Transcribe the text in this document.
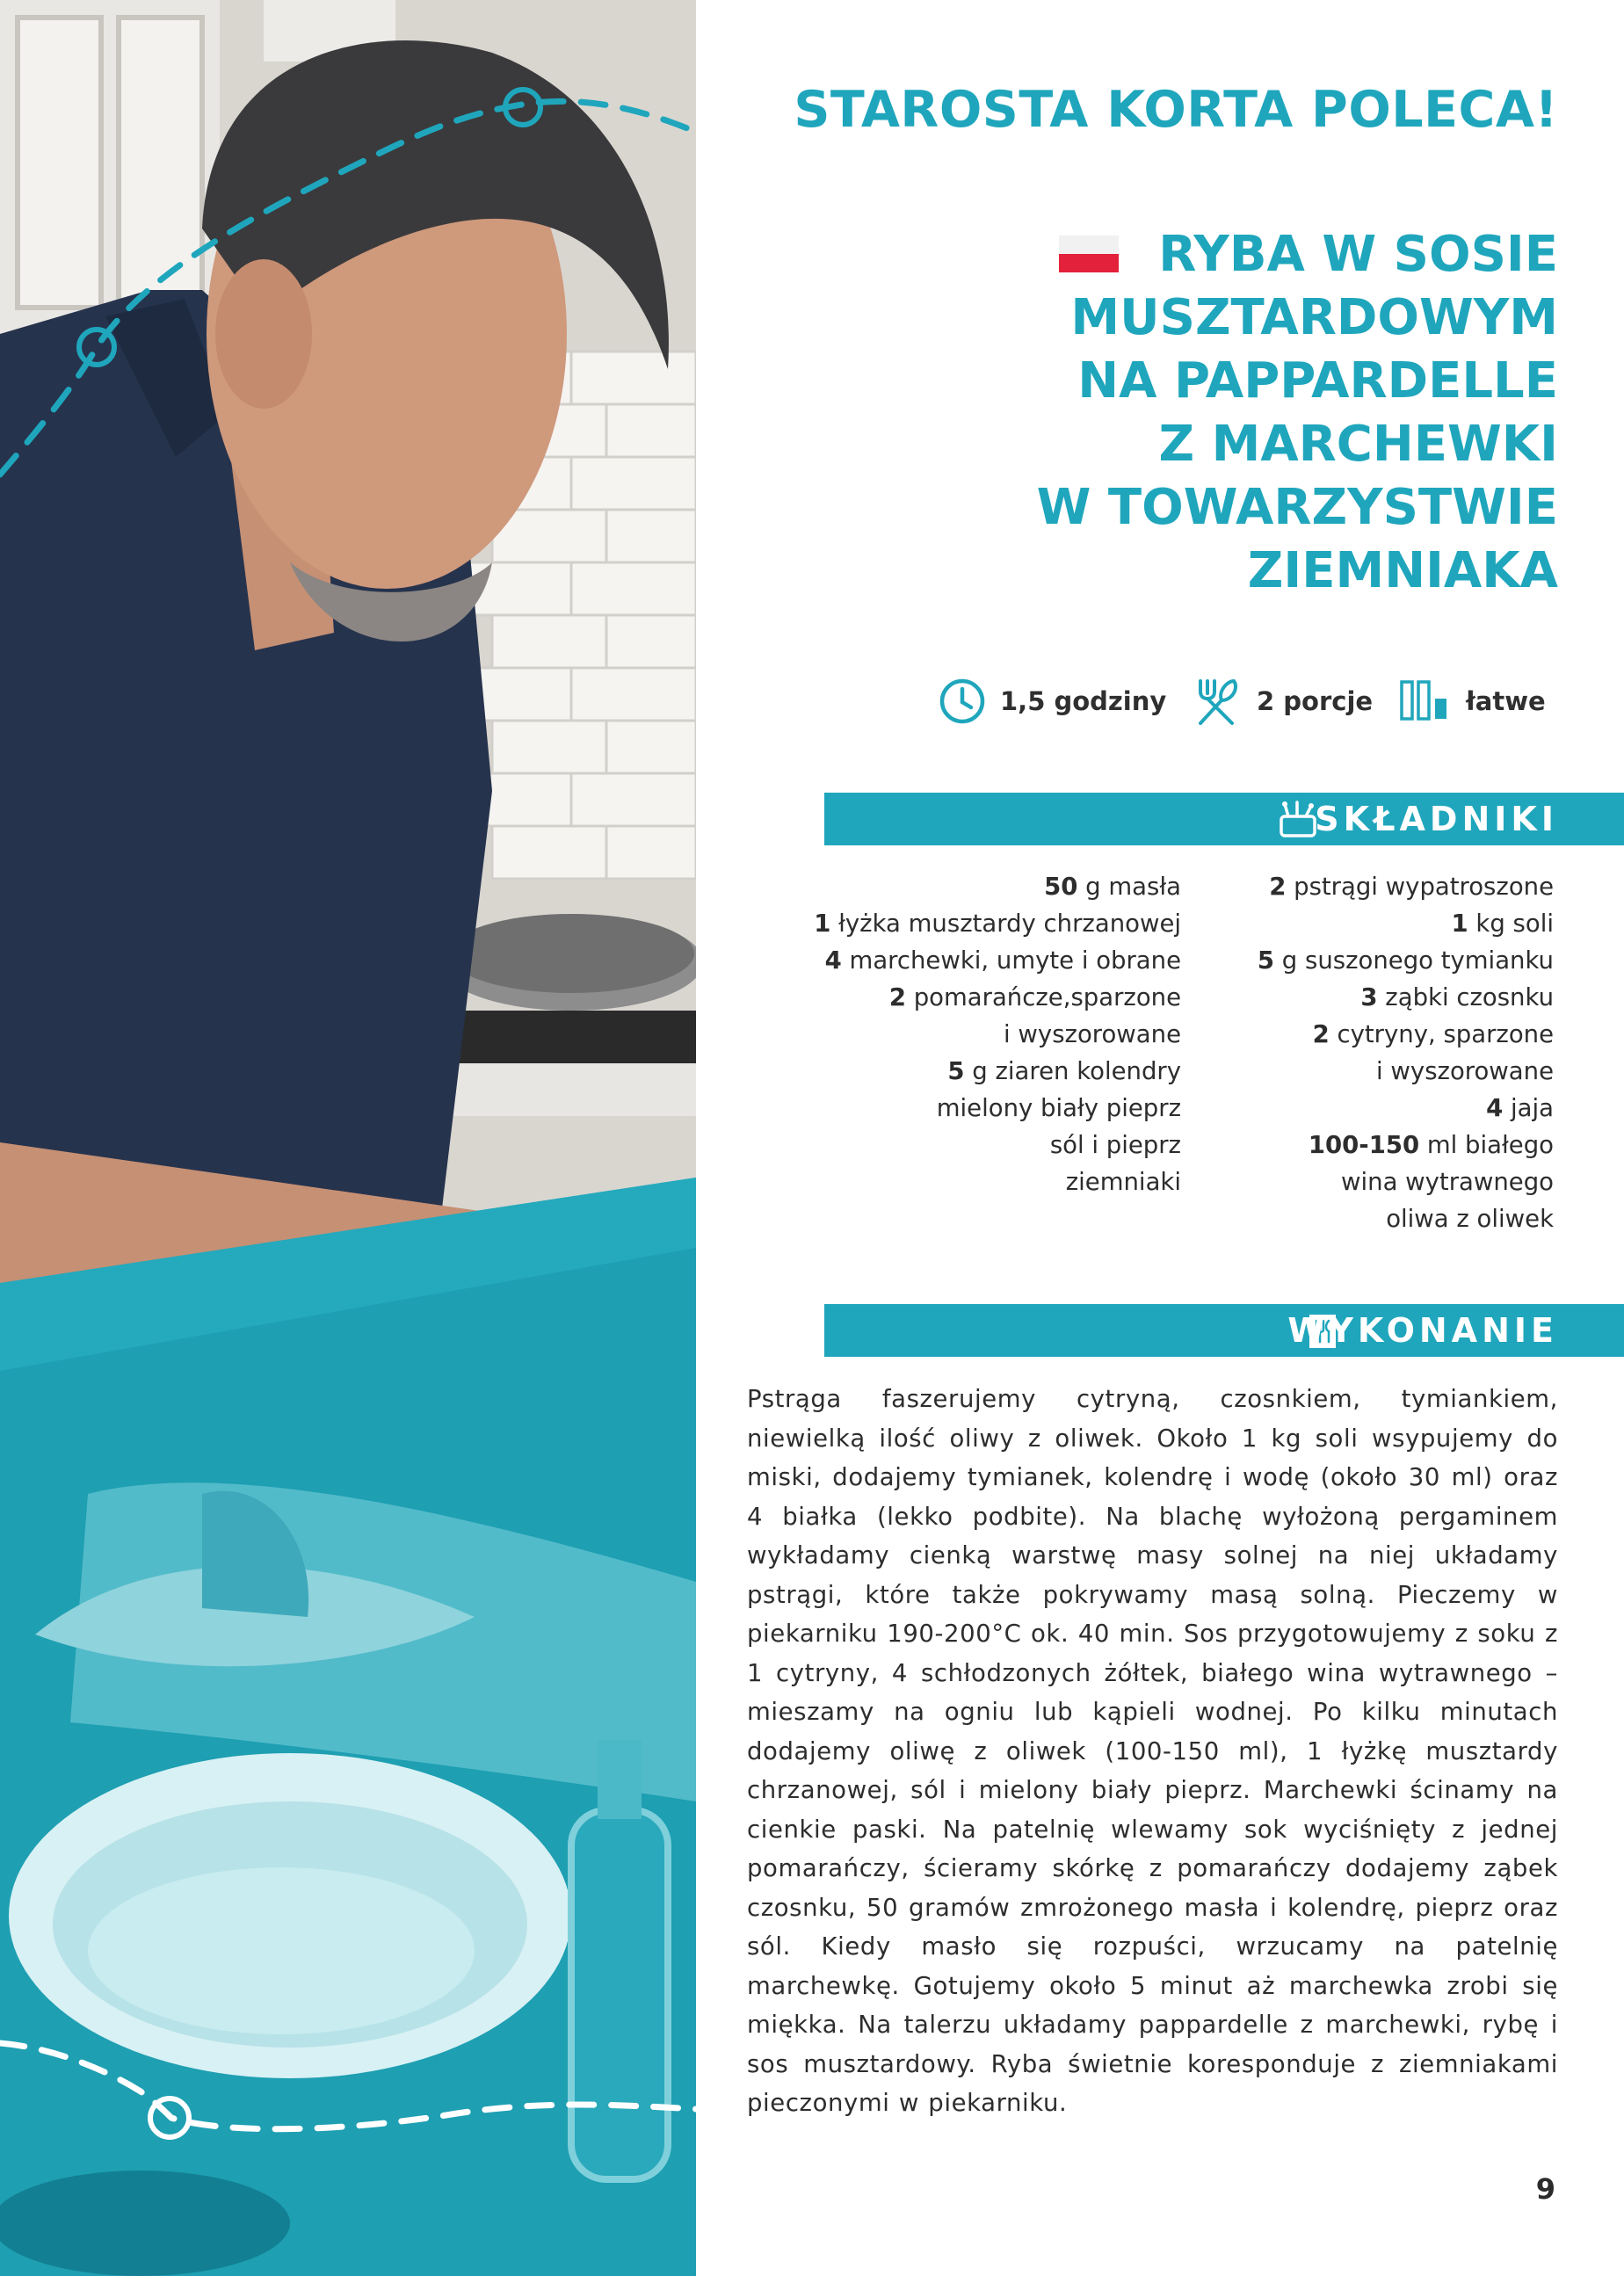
STAROSTA KORTA POLECA!
RYBA W SOSIE
MUSZTARDOWYM
NA PAPPARDELLE
Z MARCHEWKI
W TOWARZYSTWIE
ZIEMNIAKA
1,5 godziny	2 porcje	łatwe
SKŁADNIKI
50 g masła
1 łyżka musztardy chrzanowej
4 marchewki, umyte i obrane
2 pomarańcze,sparzone
i wyszorowane
5 g ziaren kolendry
mielony biały pieprz
sól i pieprz
ziemniaki
2 pstrągi wypatroszone
1 kg soli
5 g suszonego tymianku
3 ząbki czosnku
2 cytryny, sparzone
i wyszorowane
4 jaja
100-150 ml białego
wina wytrawnego
oliwa z oliwek
WYKONANIE

Pstrąga faszerujemy cytryną, czosnkiem, tymiankiem, niewielką ilość oliwy z oliwek. Około 1 kg soli wsypujemy do miski, dodajemy tymianek, kolendrę i wodę (około 30 ml) oraz 4 białka (lekko podbite). Na blachę wyłożoną pergaminem wykładamy cienką warstwę masy solnej na niej układamy pstrągi, które także pokrywamy masą solną. Pieczemy w piekarniku 190-200°C ok. 40 min. Sos przygotowujemy z soku z 1 cytryny, 4 schłodzonych żółtek, białego wina wytrawnego – mieszamy na ogniu lub kąpieli wodnej. Po kilku minutach dodajemy oliwę z oliwek (100-150 ml), 1 łyżkę musztardy chrzanowej, sól i mielony biały pieprz. Marchewki ścinamy na cienkie paski. Na patelnię wlewamy sok wyciśnięty z jednej pomarańczy, ścieramy skórkę z pomarańczy dodajemy ząbek czosnku, 50 gramów zmrożonego masła i kolendrę, pieprz oraz sól. Kiedy masło się rozpuści, wrzucamy na patelnię marchewkę. Gotujemy około 5 minut aż marchewka zrobi się miękka. Na talerzu układamy pappardelle z marchewki, rybę i sos musztardowy. Ryba świetnie koresponduje z ziemniakami pieczonymi w piekarniku.

9
